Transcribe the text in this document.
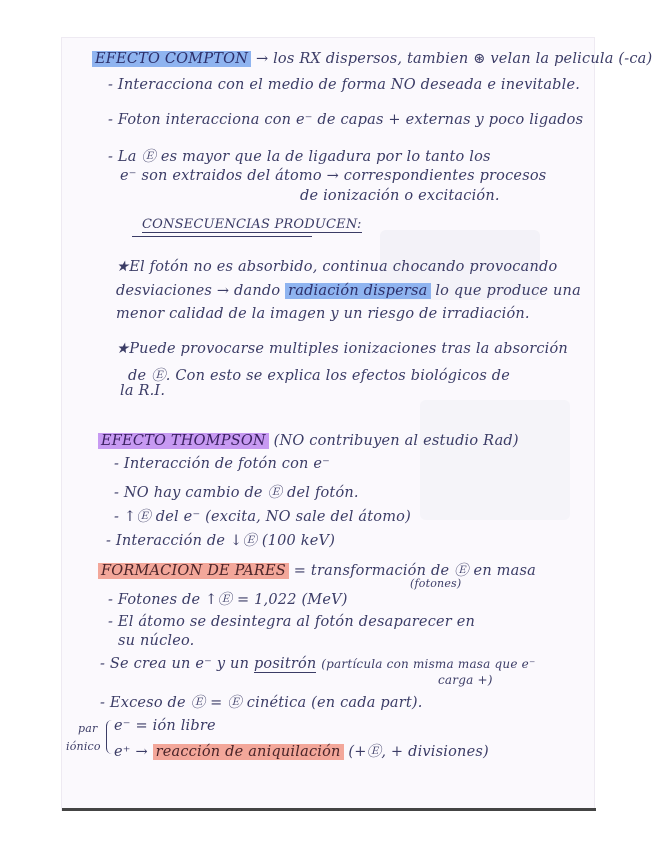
EFECTO COMPTON → los RX dispersos, tambien ⊛ velan la pelicula (-ca)
- Interacciona con el medio de forma NO deseada e inevitable.
- Foton interacciona con e⁻ de capas + externas y poco ligados
- La Ⓔ es mayor que la de ligadura por lo tanto los
e⁻ son extraidos del átomo → correspondientes procesos
de ionización o excitación.
CONSECUENCIAS PRODUCEN:
★El fotón no es absorbido, continua chocando provocando
desviaciones → dando radiación dispersa lo que produce una
menor calidad de la imagen y un riesgo de irradiación.
★Puede provocarse multiples ionizaciones tras la absorción
de Ⓔ. Con esto se explica los efectos biológicos de
la R.I.
EFECTO THOMPSON (NO contribuyen al estudio Rad)
- Interacción de fotón con e⁻
- NO hay cambio de Ⓔ del fotón.
- ↑Ⓔ del e⁻ (excita, NO sale del átomo)
- Interacción de ↓Ⓔ (100 keV)
FORMACION DE PARES = transformación de Ⓔ en masa
(fotones)
- Fotones de ↑Ⓔ = 1,022 (MeV)
- El átomo se desintegra al fotón desaparecer en
su núcleo.
- Se crea un e⁻ y un positrón (partícula con misma masa que e⁻
carga +)
- Exceso de Ⓔ = Ⓔ cinética (en cada part).
par
iónico
e⁻ = ión libre
e⁺ → reacción de aniquilación (+Ⓔ, + divisiones)
